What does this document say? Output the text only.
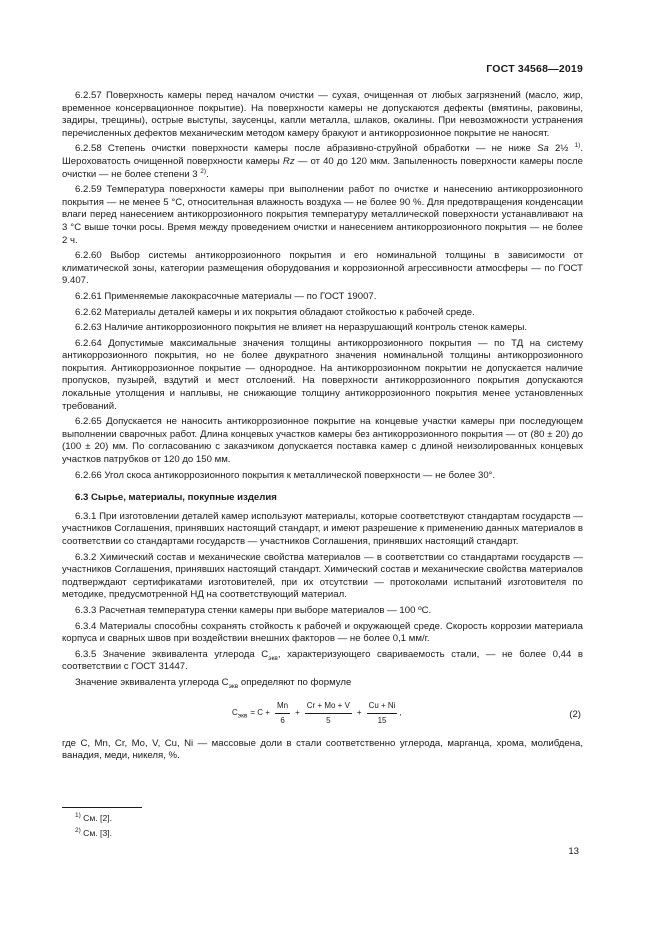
ГОСТ 34568—2019

6.2.57 Поверхность камеры перед началом очистки — сухая, очищенная от любых загрязнений (масло, жир, временное консервационное покрытие). На поверхности камеры не допускаются дефекты (вмятины, раковины, задиры, трещины), острые выступы, заусенцы, капли металла, шлаков, окалины. При невозможности устранения перечисленных дефектов механическим методом камеру бракуют и антикоррозионное покрытие не наносят.

6.2.58 Степень очистки поверхности камеры после абразивно-струйной обработки — не ниже Sa 2½ $^{1)}$. Шероховатость очищенной поверхности камеры Rz — от 40 до 120 мкм. Запыленность поверхности камеры после очистки — не более степени 3 $^{2)}$.

6.2.59 Температура поверхности камеры при выполнении работ по очистке и нанесению антикоррозионного покрытия — не менее 5 °С, относительная влажность воздуха — не более 90 %. Для предотвращения конденсации влаги перед нанесением антикоррозионного покрытия температуру металлической поверхности устанавливают на 3 °С выше точки росы. Время между проведением очистки и нанесением антикоррозионного покрытия — не более 2 ч.

6.2.60 Выбор системы антикоррозионного покрытия и его номинальной толщины в зависимости от климатической зоны, категории размещения оборудования и коррозионной агрессивности атмосферы — по ГОСТ 9.407.

6.2.61 Применяемые лакокрасочные материалы — по ГОСТ 19007.

6.2.62 Материалы деталей камеры и их покрытия обладают стойкостью к рабочей среде.

6.2.63 Наличие антикоррозионного покрытия не влияет на неразрушающий контроль стенок камеры.

6.2.64 Допустимые максимальные значения толщины антикоррозионного покрытия — по ТД на систему антикоррозионного покрытия, но не более двукратного значения номинальной толщины антикоррозионного покрытия. Антикоррозионное покрытие — однородное. На антикоррозионном покрытии не допускается наличие пропусков, пузырей, вздутий и мест отслоений. На поверхности антикоррозионного покрытия допускаются локальные утолщения и наплывы, не снижающие толщину антикоррозионного покрытия менее установленных требований.

6.2.65 Допускается не наносить антикоррозионное покрытие на концевые участки камеры при последующем выполнении сварочных работ. Длина концевых участков камеры без антикоррозионного покрытия — от (80 ± 20) до (100 ± 20) мм. По согласованию с заказчиком допускается поставка камер с длиной неизолированных концевых участков патрубков от 120 до 150 мм.

6.2.66 Угол скоса антикоррозионного покрытия к металлической поверхности — не более 30°.

6.3 Сырье, материалы, покупные изделия

6.3.1 При изготовлении деталей камер используют материалы, которые соответствуют стандартам государств — участников Соглашения, принявших настоящий стандарт, и имеют разрешение к применению данных материалов в соответствии со стандартами государств — участников Соглашения, принявших настоящий стандарт.

6.3.2 Химический состав и механические свойства материалов — в соответствии со стандартами государств — участников Соглашения, принявших настоящий стандарт. Химический состав и механические свойства материалов подтверждают сертификатами изготовителей, при их отсутствии — протоколами испытаний изготовителя по методике, предусмотренной НД на соответствующий материал.

6.3.3 Расчетная температура стенки камеры при выборе материалов — 100 ºС.

6.3.4 Материалы способны сохранять стойкость к рабочей и окружающей среде. Скорость коррозии материала корпуса и сварных швов при воздействии внешних факторов — не более 0,1 мм/г.

6.3.5 Значение эквивалента углерода $С_{экв}$, характеризующего свариваемость стали, — не более 0,44 в соответствии с ГОСТ 31447.

Значение эквивалента углерода $С_{экв}$ определяют по формуле

$С_{экв} = С + \frac{Mn}{6} + \frac{Cr + Mo + V}{5} + \frac{Cu + Ni}{15}$ ,	(2)

где С, Mn, Cr, Mo, V, Cu, Ni — массовые доли в стали соответственно углерода, марганца, хрома, молибдена, ванадия, меди, никеля, %.

$^{1)}$ См. [2].
$^{2)}$ См. [3].
13
